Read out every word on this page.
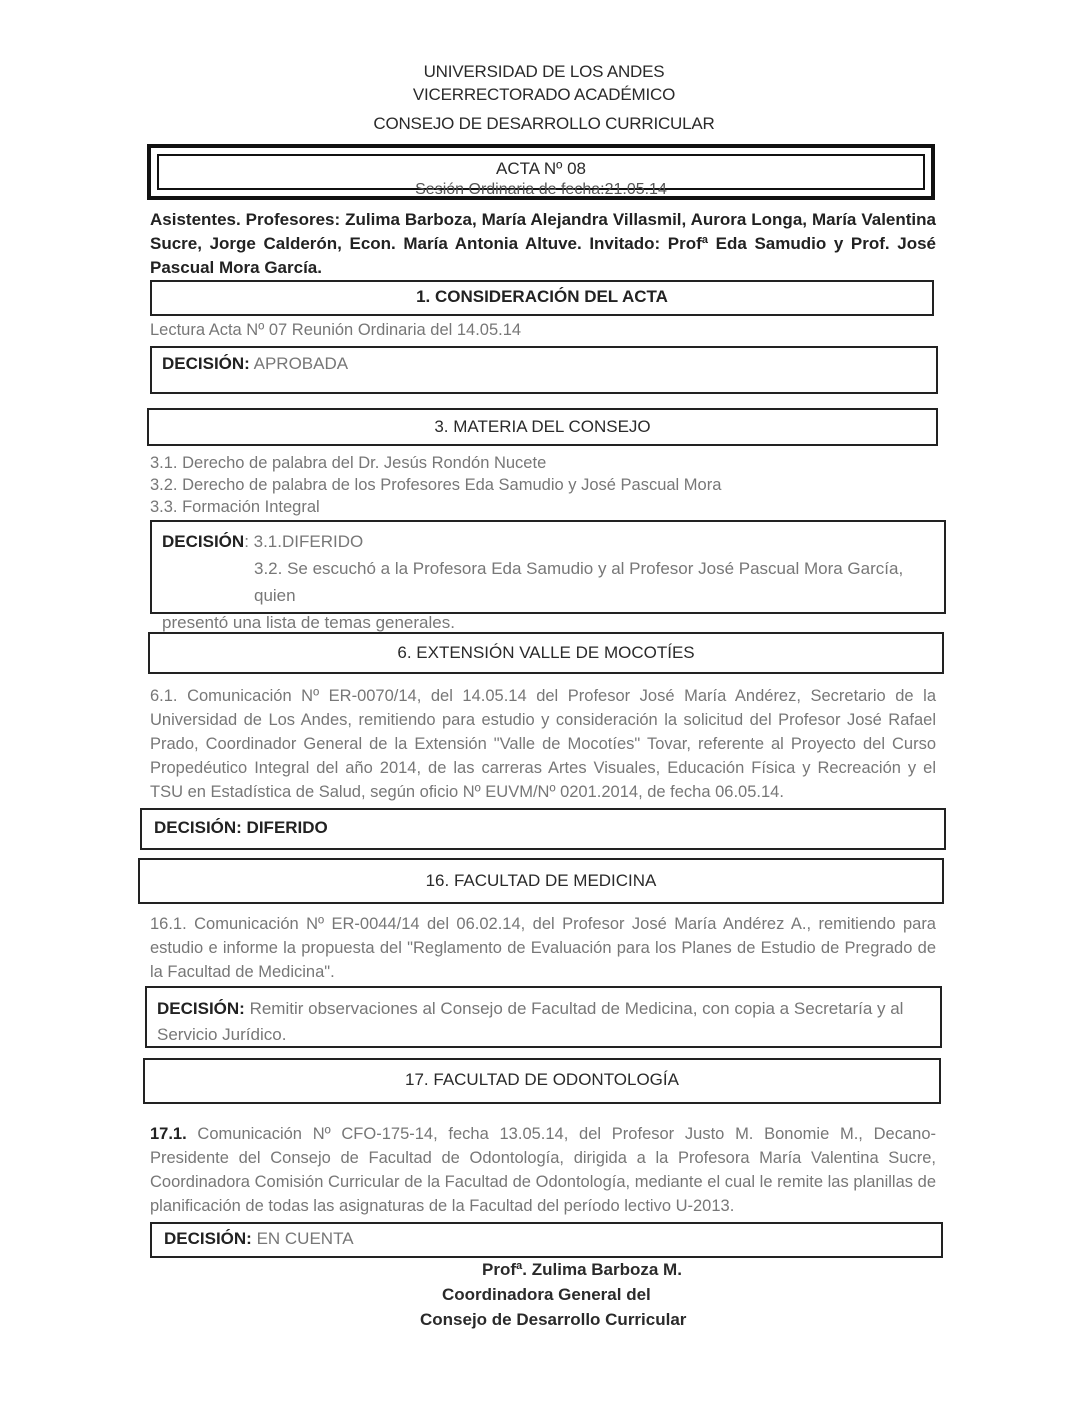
UNIVERSIDAD DE LOS ANDES
VICERRECTORADO ACADÉMICO
CONSEJO DE DESARROLLO CURRICULAR
ACTA Nº 08
Sesión Ordinaria de fecha:21.05.14
Asistentes. Profesores: Zulima Barboza, María Alejandra Villasmil, Aurora Longa, María Valentina Sucre, Jorge Calderón, Econ. María Antonia Altuve. Invitado: Profª Eda Samudio y Prof. José Pascual Mora García.
1. CONSIDERACIÓN DEL ACTA
Lectura Acta Nº 07 Reunión Ordinaria del 14.05.14
DECISIÓN: APROBADA
3. MATERIA DEL CONSEJO
3.1. Derecho de palabra del Dr. Jesús Rondón Nucete
3.2. Derecho de palabra de los Profesores Eda Samudio y José Pascual Mora
3.3. Formación Integral
DECISIÓN: 3.1.DIFERIDO
3.2. Se escuchó a la Profesora Eda Samudio y al Profesor José Pascual Mora García, quien
presentó una lista de temas generales.
6. EXTENSIÓN VALLE DE MOCOTÍES
6.1. Comunicación Nº ER-0070/14, del 14.05.14 del Profesor José María Andérez, Secretario de la Universidad de Los Andes, remitiendo para estudio y consideración la solicitud del Profesor José Rafael Prado, Coordinador General de la Extensión "Valle de Mocotíes" Tovar, referente al Proyecto del Curso Propedéutico Integral del año 2014, de las carreras Artes Visuales, Educación Física y Recreación y el TSU en Estadística de Salud, según oficio Nº EUVM/Nº 0201.2014, de fecha 06.05.14.
DECISIÓN: DIFERIDO
16. FACULTAD DE MEDICINA
16.1. Comunicación Nº ER-0044/14 del 06.02.14, del Profesor José María Andérez A., remitiendo para estudio e informe la propuesta del "Reglamento de Evaluación para los Planes de Estudio de Pregrado de la Facultad de Medicina".
DECISIÓN: Remitir observaciones al Consejo de Facultad de Medicina, con copia a Secretaría y al Servicio Jurídico.
17. FACULTAD DE ODONTOLOGÍA
17.1. Comunicación Nº CFO-175-14, fecha 13.05.14, del Profesor Justo M. Bonomie M., Decano-Presidente del Consejo de Facultad de Odontología, dirigida a la Profesora María Valentina Sucre, Coordinadora Comisión Curricular de la Facultad de Odontología, mediante el cual le remite las planillas de planificación de todas las asignaturas de la Facultad del período lectivo U-2013.
DECISIÓN: EN CUENTA
Profª. Zulima Barboza M.
Coordinadora General del
Consejo de Desarrollo Curricular
